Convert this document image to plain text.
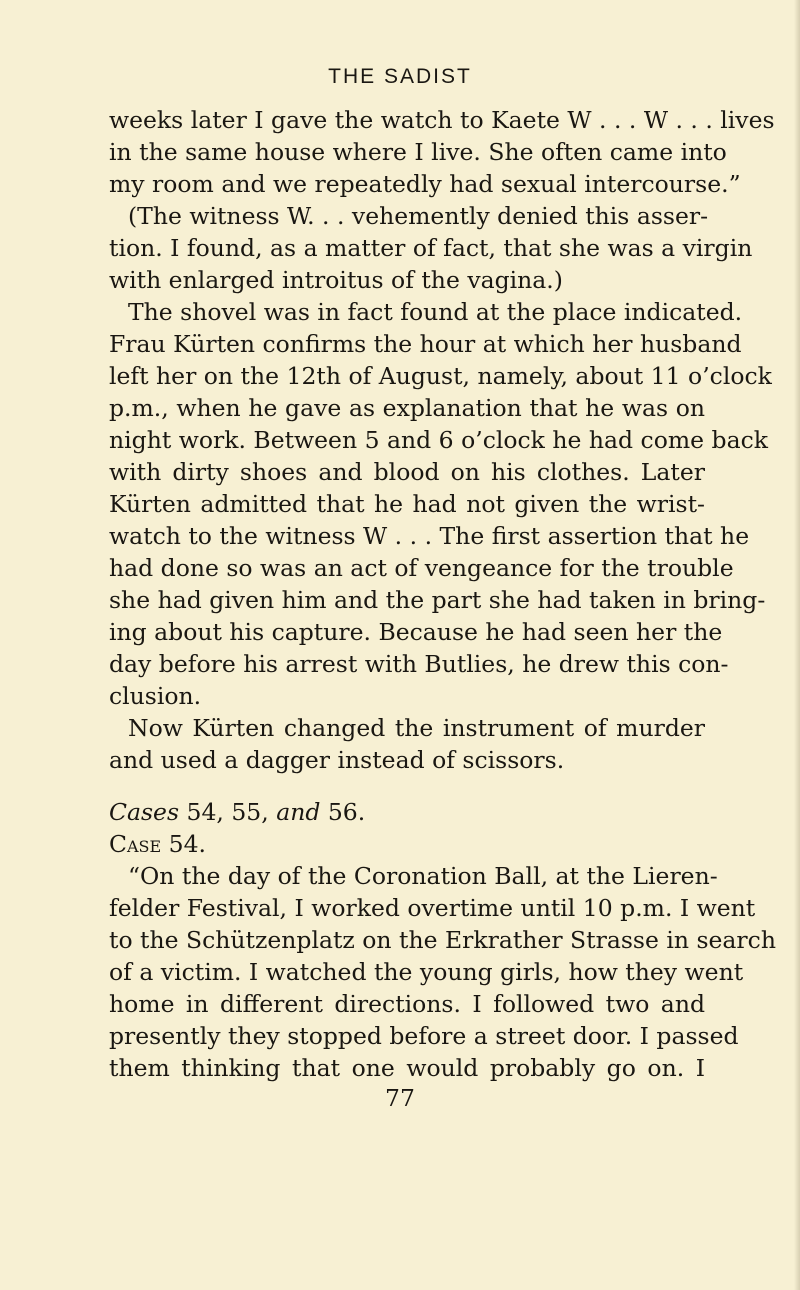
THE SADIST
weeks later I gave the watch to Kaete W . . . W . . . lives
in the same house where I live. She often came into
my room and we repeatedly had sexual intercourse.”
(The witness W. . . vehemently denied this asser-
tion. I found, as a matter of fact, that she was a virgin
with enlarged introitus of the vagina.)
The shovel was in fact found at the place indicated.
Frau Kürten confirms the hour at which her husband
left her on the 12th of August, namely, about 11 o’clock
p.m., when he gave as explanation that he was on
night work. Between 5 and 6 o’clock he had come back
with dirty shoes and blood on his clothes. Later
Kürten admitted that he had not given the wrist-
watch to the witness W . . . The first assertion that he
had done so was an act of vengeance for the trouble
she had given him and the part she had taken in bring-
ing about his capture. Because he had seen her the
day before his arrest with Butlies, he drew this con-
clusion.
Now Kürten changed the instrument of murder
and used a dagger instead of scissors.
Cases 54, 55, and 56.
Case 54.
“On the day of the Coronation Ball, at the Lieren-
felder Festival, I worked overtime until 10 p.m. I went
to the Schützenplatz on the Erkrather Strasse in search
of a victim. I watched the young girls, how they went
home in different directions. I followed two and
presently they stopped before a street door. I passed
them thinking that one would probably go on. I
77
